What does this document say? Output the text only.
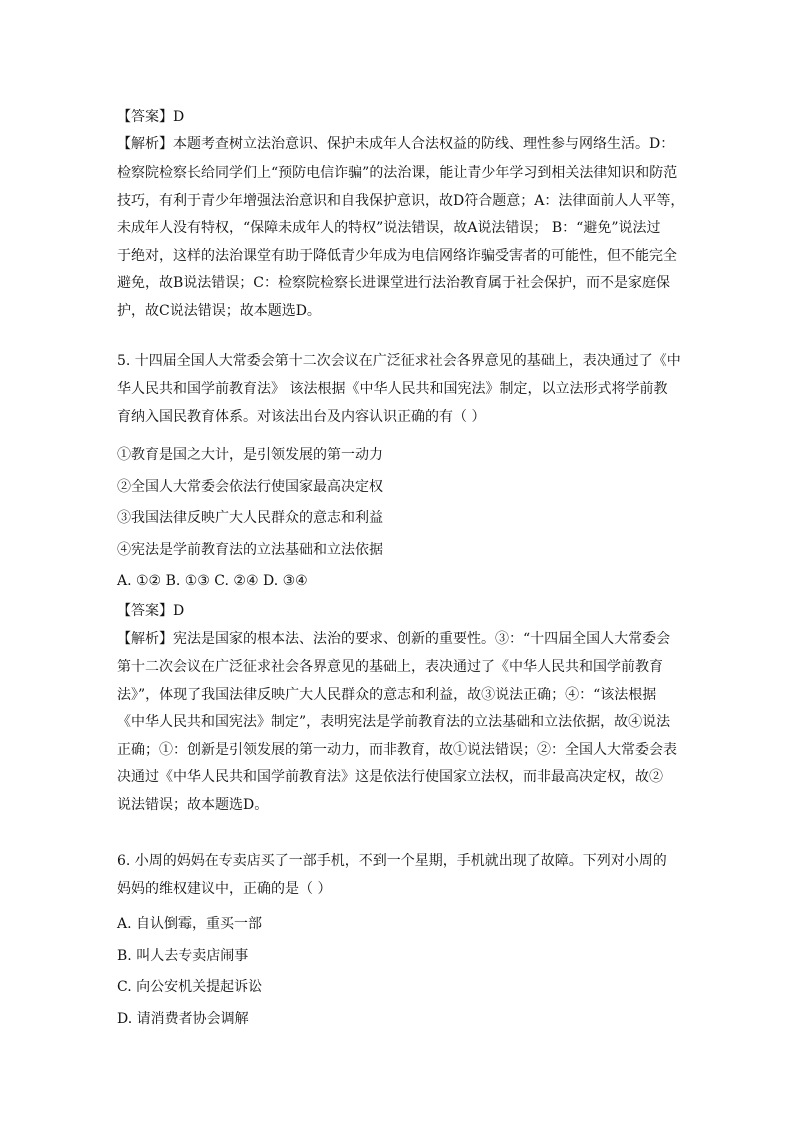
【答案】D
【解析】本题考查树立法治意识、保护未成年人合法权益的防线、理性参与网络生活。D：
检察院检察长给同学们上“预防电信诈骗”的法治课，能让青少年学习到相关法律知识和防范
技巧，有利于青少年增强法治意识和自我保护意识，故D符合题意；A：法律面前人人平等，
未成年人没有特权，“保障未成年人的特权”说法错误，故A说法错误； B：“避免”说法过
于绝对，这样的法治课堂有助于降低青少年成为电信网络诈骗受害者的可能性，但不能完全
避免，故B说法错误；C：检察院检察长进课堂进行法治教育属于社会保护，而不是家庭保
护，故C说法错误；故本题选D。
5. 十四届全国人大常委会第十二次会议在广泛征求社会各界意见的基础上，表决通过了《中
华人民共和国学前教育法》 该法根据《中华人民共和国宪法》制定，以立法形式将学前教
育纳入国民教育体系。对该法出台及内容认识正确的有（ ）
①教育是国之大计，是引领发展的第一动力
②全国人大常委会依法行使国家最高决定权
③我国法律反映广大人民群众的意志和利益
④宪法是学前教育法的立法基础和立法依据
A. ①② B. ①③ C. ②④ D. ③④
【答案】D
【解析】宪法是国家的根本法、法治的要求、创新的重要性。③：“十四届全国人大常委会
第十二次会议在广泛征求社会各界意见的基础上，表决通过了《中华人民共和国学前教育
法》”，体现了我国法律反映广大人民群众的意志和利益，故③说法正确；④：“该法根据
《中华人民共和国宪法》制定”，表明宪法是学前教育法的立法基础和立法依据，故④说法
正确；①：创新是引领发展的第一动力，而非教育，故①说法错误；②：全国人大常委会表
决通过《中华人民共和国学前教育法》这是依法行使国家立法权，而非最高决定权，故②
说法错误；故本题选D。
6. 小周的妈妈在专卖店买了一部手机，不到一个星期，手机就出现了故障。下列对小周的
妈妈的维权建议中，正确的是（ ）
A. 自认倒霉，重买一部
B. 叫人去专卖店闹事
C. 向公安机关提起诉讼
D. 请消费者协会调解
